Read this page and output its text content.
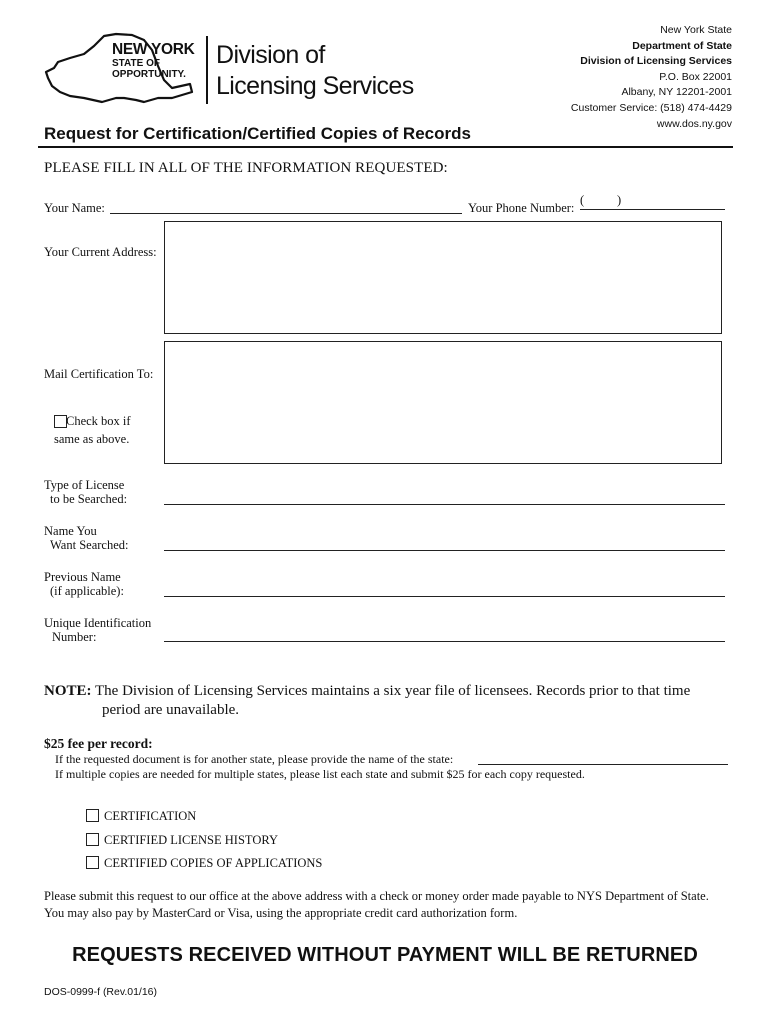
NEW YORK
STATE OF
OPPORTUNITY.
Division of
Licensing Services
New York State
Department of State
Division of Licensing Services
P.O. Box 22001
Albany, NY 12201-2001
Customer Service: (518) 474-4429
www.dos.ny.gov
Request for Certification/Certified Copies of Records
PLEASE FILL IN ALL OF THE INFORMATION REQUESTED:
Your Name:	Your Phone Number:
(	)
Your Current Address:
Mail Certification To:
Check box if
same as above.
Type of License
to be Searched:
Name You
Want Searched:
Previous Name
(if applicable):
Unique Identification
Number:
NOTE: The Division of Licensing Services maintains a six year file of licensees. Records prior to that time
period are unavailable.
$25 fee per record:
If the requested document is for another state, please provide the name of the state:
If multiple copies are needed for multiple states, please list each state and submit $25 for each copy requested.
CERTIFICATION
CERTIFIED LICENSE HISTORY
CERTIFIED COPIES OF APPLICATIONS
Please submit this request to our office at the above address with a check or money order made payable to NYS Department of State.
You may also pay by MasterCard or Visa, using the appropriate credit card authorization form.
REQUESTS RECEIVED WITHOUT PAYMENT WILL BE RETURNED
DOS-0999-f (Rev.01/16)
